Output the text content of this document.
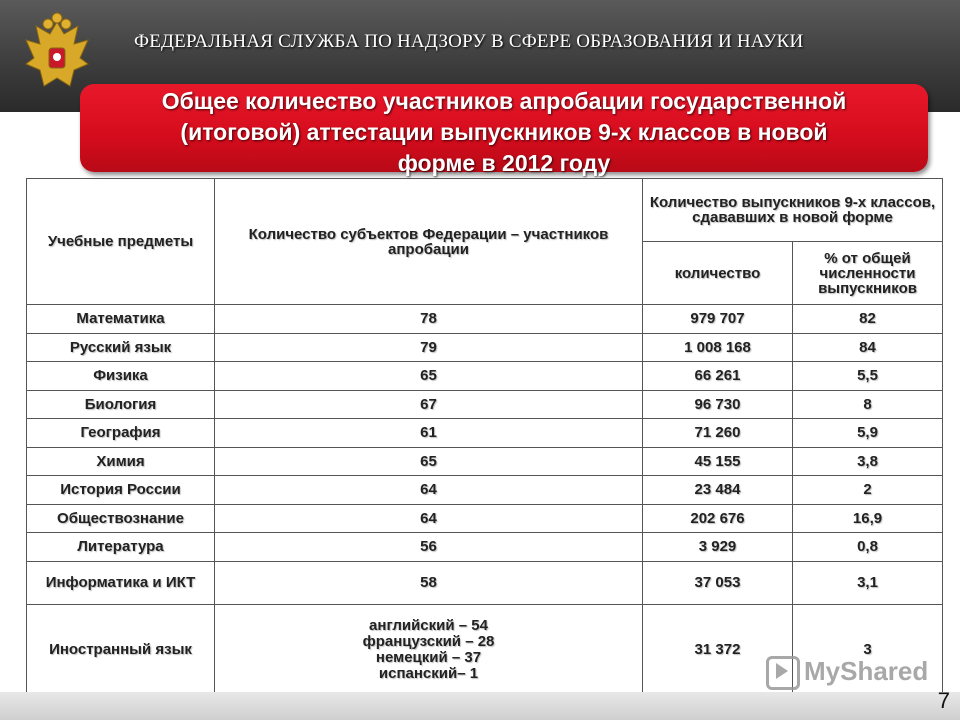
ФЕДЕРАЛЬНАЯ СЛУЖБА ПО НАДЗОРУ В СФЕРЕ ОБРАЗОВАНИЯ И НАУКИ
Общее количество участников апробации государственной
(итоговой) аттестации выпускников 9-х классов в новой
форме в 2012 году
Учебные предметы	Количество субъектов Федерации – участников апробации	Количество выпускников 9-х классов, сдававших в новой форме	
		количество	% от общей численности выпускников
Математика	78	979 707	82
Русский язык	79	1 008 168	84
Физика	65	66 261	5,5
Биология	67	96 730	8
География	61	71 260	5,9
Химия	65	45 155	3,8
История России	64	23 484	2
Обществознание	64	202 676	16,9
Литература	56	3 929	0,8
Информатика и ИКТ	58	37 053	3,1
Иностранный язык	английский – 54
французский – 28
немецкий – 37
испанский– 1	31 372	3
MyShared
7
